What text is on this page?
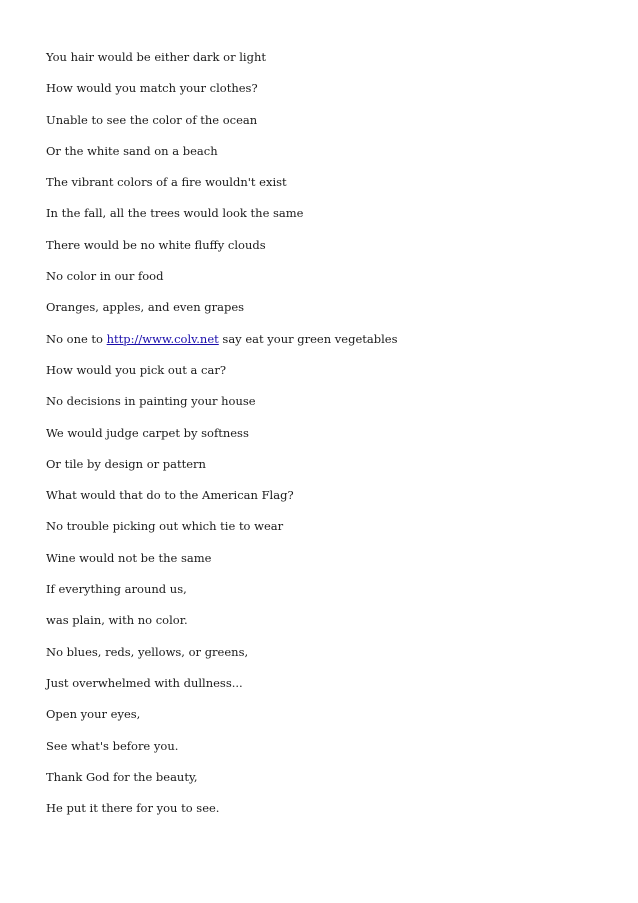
You hair would be either dark or light
How would you match your clothes?
Unable to see the color of the ocean
Or the white sand on a beach
The vibrant colors of a fire wouldn't exist
In the fall, all the trees would look the same
There would be no white fluffy clouds
No color in our food
Oranges, apples, and even grapes
No one to http://www.colv.net say eat your green vegetables
How would you pick out a car?
No decisions in painting your house
We would judge carpet by softness
Or tile by design or pattern
What would that do to the American Flag?
No trouble picking out which tie to wear
Wine would not be the same
If everything around us,
was plain, with no color.
No blues, reds, yellows, or greens,
Just overwhelmed with dullness...
Open your eyes,
See what's before you.
Thank God for the beauty,
He put it there for you to see.
